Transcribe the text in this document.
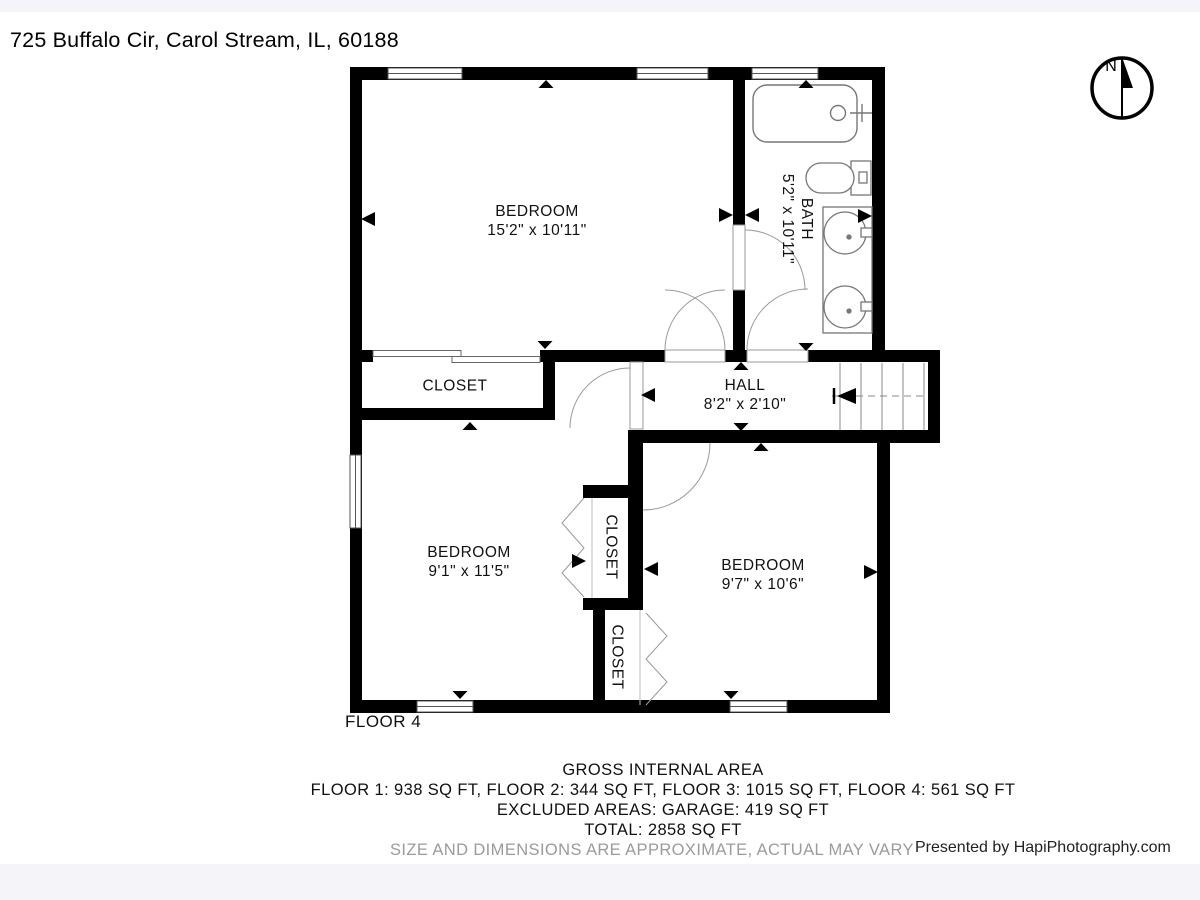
725 Buffalo Cir, Carol Stream, IL, 60188
N
BEDROOM
15'2" x 10'11"	BATH
5'2" x 10'11"
CLOSET	HALL
8'2" x 2'10"
BEDROOM
9'1" x 11'5"	BEDROOM
9'7" x 10'6"
CLOSET
CLOSET
FLOOR 4
GROSS INTERNAL AREA
FLOOR 1: 938 SQ FT, FLOOR 2: 344 SQ FT, FLOOR 3: 1015 SQ FT, FLOOR 4: 561 SQ FT
EXCLUDED AREAS: GARAGE: 419 SQ FT
TOTAL: 2858 SQ FT
SIZE AND DIMENSIONS ARE APPROXIMATE, ACTUAL MAY VARY Presented by HapiPhotography.com
